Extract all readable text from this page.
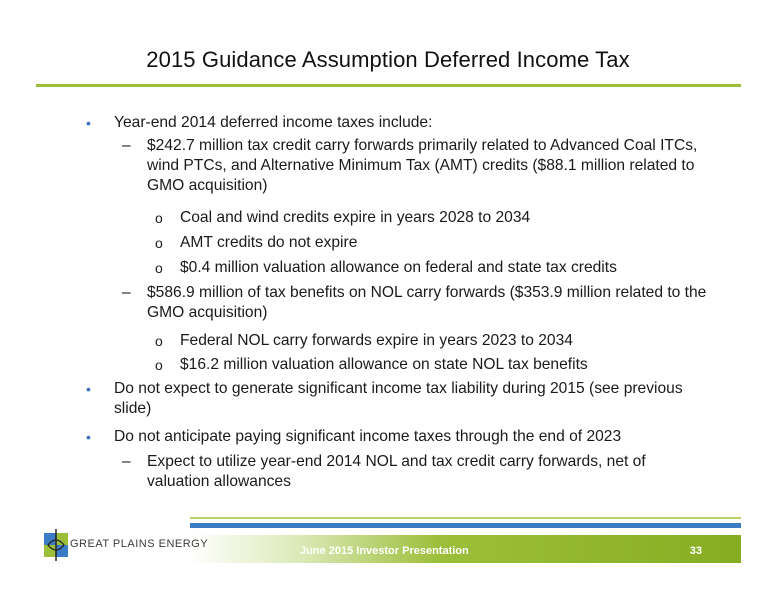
2015 Guidance Assumption Deferred Income Tax
• Year-end 2014 deferred income taxes include:
– $242.7 million tax credit carry forwards primarily related to Advanced Coal ITCs, wind PTCs, and Alternative Minimum Tax (AMT) credits ($88.1 million related to GMO acquisition)
o Coal and wind credits expire in years 2028 to 2034
o AMT credits do not expire
o $0.4 million valuation allowance on federal and state tax credits
– $586.9 million of tax benefits on NOL carry forwards ($353.9 million related to the GMO acquisition)
o Federal NOL carry forwards expire in years 2023 to 2034
o $16.2 million valuation allowance on state NOL tax benefits
• Do not expect to generate significant income tax liability during 2015 (see previous slide)
• Do not anticipate paying significant income taxes through the end of 2023
– Expect to utilize year-end 2014 NOL and tax credit carry forwards, net of valuation allowances
GREAT PLAINS ENERGY
June 2015 Investor Presentation	33
